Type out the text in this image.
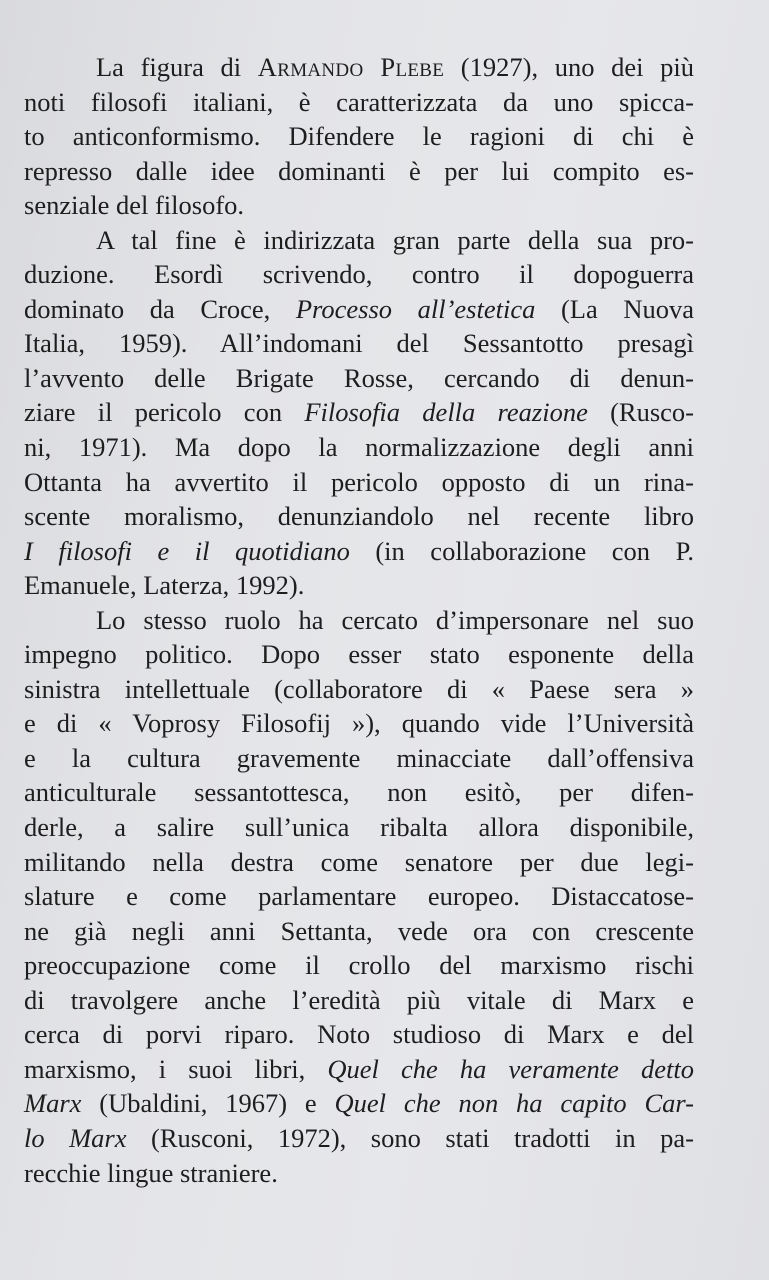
La figura di Armando Plebe (1927), uno dei più
noti filosofi italiani, è caratterizzata da uno spicca-
to anticonformismo. Difendere le ragioni di chi è
represso dalle idee dominanti è per lui compito es-
senziale del filosofo.
A tal fine è indirizzata gran parte della sua pro-
duzione. Esordì scrivendo, contro il dopoguerra
dominato da Croce, Processo all’estetica (La Nuova
Italia, 1959). All’indomani del Sessantotto presagì
l’avvento delle Brigate Rosse, cercando di denun-
ziare il pericolo con Filosofia della reazione (Rusco-
ni, 1971). Ma dopo la normalizzazione degli anni
Ottanta ha avvertito il pericolo opposto di un rina-
scente moralismo, denunziandolo nel recente libro
I filosofi e il quotidiano (in collaborazione con P.
Emanuele, Laterza, 1992).
Lo stesso ruolo ha cercato d’impersonare nel suo
impegno politico. Dopo esser stato esponente della
sinistra intellettuale (collaboratore di « Paese sera »
e di « Voprosy Filosofij »), quando vide l’Università
e la cultura gravemente minacciate dall’offensiva
anticulturale sessantottesca, non esitò, per difen-
derle, a salire sull’unica ribalta allora disponibile,
militando nella destra come senatore per due legi-
slature e come parlamentare europeo. Distaccatose-
ne già negli anni Settanta, vede ora con crescente
preoccupazione come il crollo del marxismo rischi
di travolgere anche l’eredità più vitale di Marx e
cerca di porvi riparo. Noto studioso di Marx e del
marxismo, i suoi libri, Quel che ha veramente detto
Marx (Ubaldini, 1967) e Quel che non ha capito Car-
lo Marx (Rusconi, 1972), sono stati tradotti in pa-
recchie lingue straniere.
